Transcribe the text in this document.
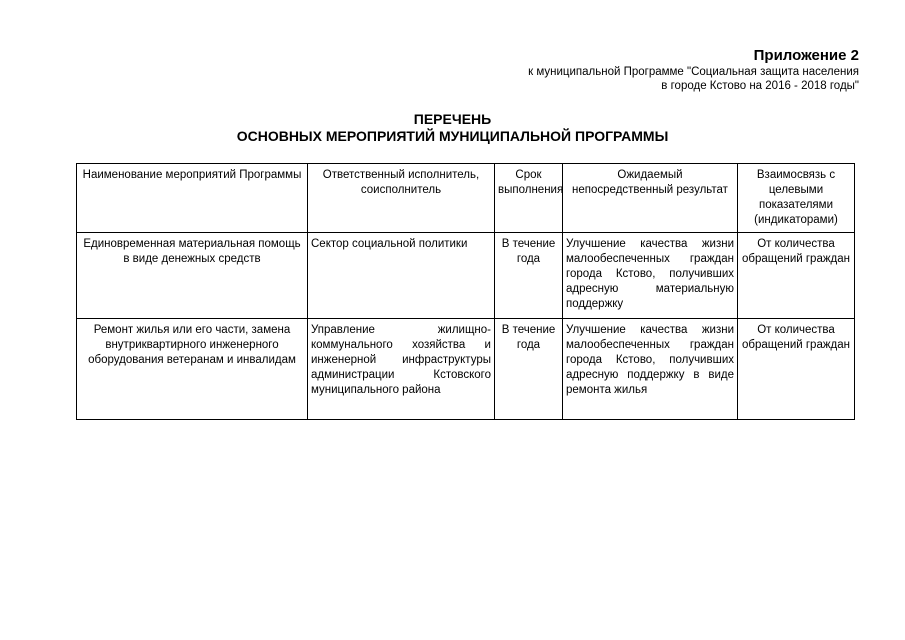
Приложение 2
к муниципальной Программе "Социальная защита населения
в городе Кстово на 2016 - 2018 годы"
ПЕРЕЧЕНЬ
ОСНОВНЫХ МЕРОПРИЯТИЙ МУНИЦИПАЛЬНОЙ ПРОГРАММЫ
Наименование мероприятий Программы	Ответственный исполнитель, соисполнитель	Срок выполнения	Ожидаемый непосредственный результат	Взаимосвязь с целевыми показателями (индикаторами)
Единовременная материальная помощь в виде денежных средств	Сектор социальной политики	В течение года	Улучшение качества жизни малообеспеченных граждан города Кстово, получивших адресную материальную поддержку	От количества обращений граждан
Ремонт жилья или его части, замена внутриквартирного инженерного оборудования ветеранам и инвалидам	Управление жилищно-коммунального хозяйства и инженерной инфраструктуры администрации Кстовского муниципального района	В течение года	Улучшение качества жизни малообеспеченных граждан города Кстово, получивших адресную поддержку в виде ремонта жилья	От количества обращений граждан
